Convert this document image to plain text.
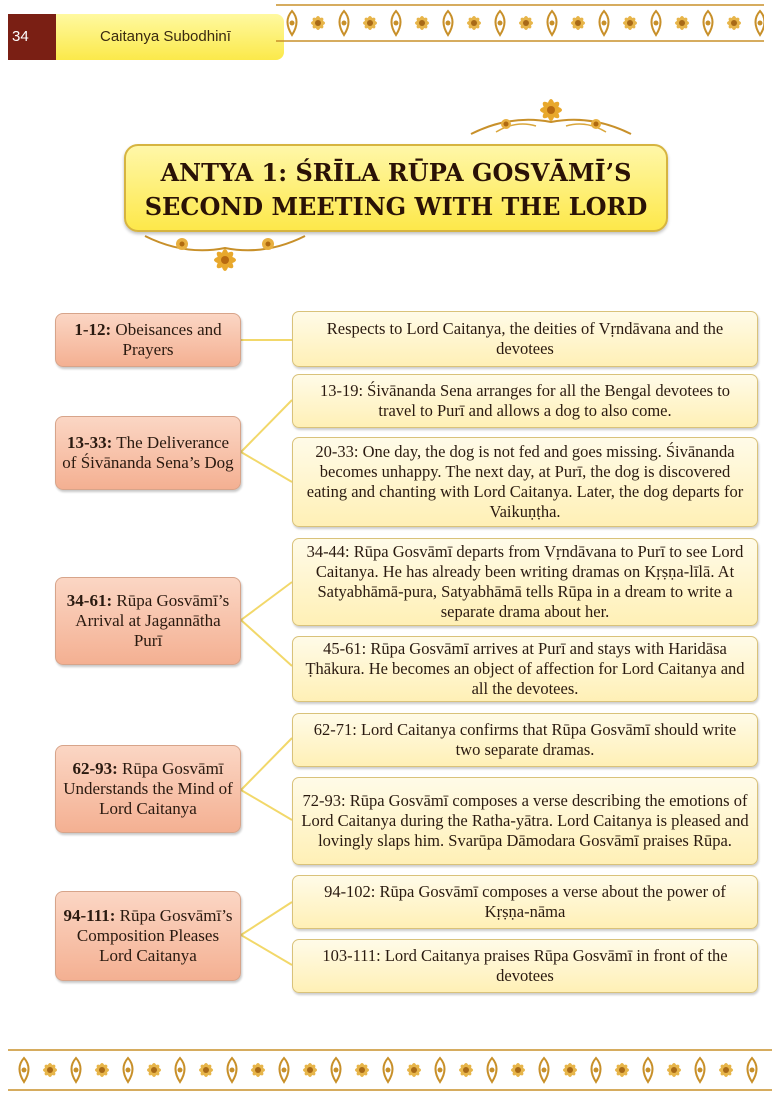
34	Caitanya Subodhinī
ANTYA 1: ŚRĪLA RŪPA GOSVĀMĪ’S
SECOND MEETING WITH THE LORD
1-12: Obeisances and Prayers
Respects to Lord Caitanya, the deities of Vṛndāvana and the devotees
13-33: The Deliverance of Śivānanda Sena’s Dog
13-19: Śivānanda Sena arranges for all the Bengal devotees to travel to Purī and allows a dog to also come.
20-33: One day, the dog is not fed and goes missing. Śivānanda becomes unhappy. The next day, at Purī, the dog is discovered eating and chanting with Lord Caitanya. Later, the dog departs for Vaikuṇṭha.
34-61: Rūpa Gosvāmī’s Arrival at Jagannātha Purī
34-44: Rūpa Gosvāmī departs from Vṛndāvana to Purī to see Lord Caitanya. He has already been writing dramas on Kṛṣṇa-līlā. At Satyabhāmā-pura, Satyabhāmā tells Rūpa in a dream to write a separate drama about her.
45-61: Rūpa Gosvāmī arrives at Purī and stays with Haridāsa Ṭhākura. He becomes an object of affection for Lord Caitanya and all the devotees.
62-93: Rūpa Gosvāmī Understands the Mind of Lord Caitanya
62-71: Lord Caitanya confirms that Rūpa Gosvāmī should write two separate dramas.
72-93: Rūpa Gosvāmī composes a verse describing the emotions of Lord Caitanya during the Ratha-yātra. Lord Caitanya is pleased and lovingly slaps him. Svarūpa Dāmodara Gosvāmī praises Rūpa.
94-111: Rūpa Gosvāmī’s Composition Pleases Lord Caitanya
94-102: Rūpa Gosvāmī composes a verse about the power of Kṛṣṇa-nāma
103-111: Lord Caitanya praises Rūpa Gosvāmī in front of the devotees
